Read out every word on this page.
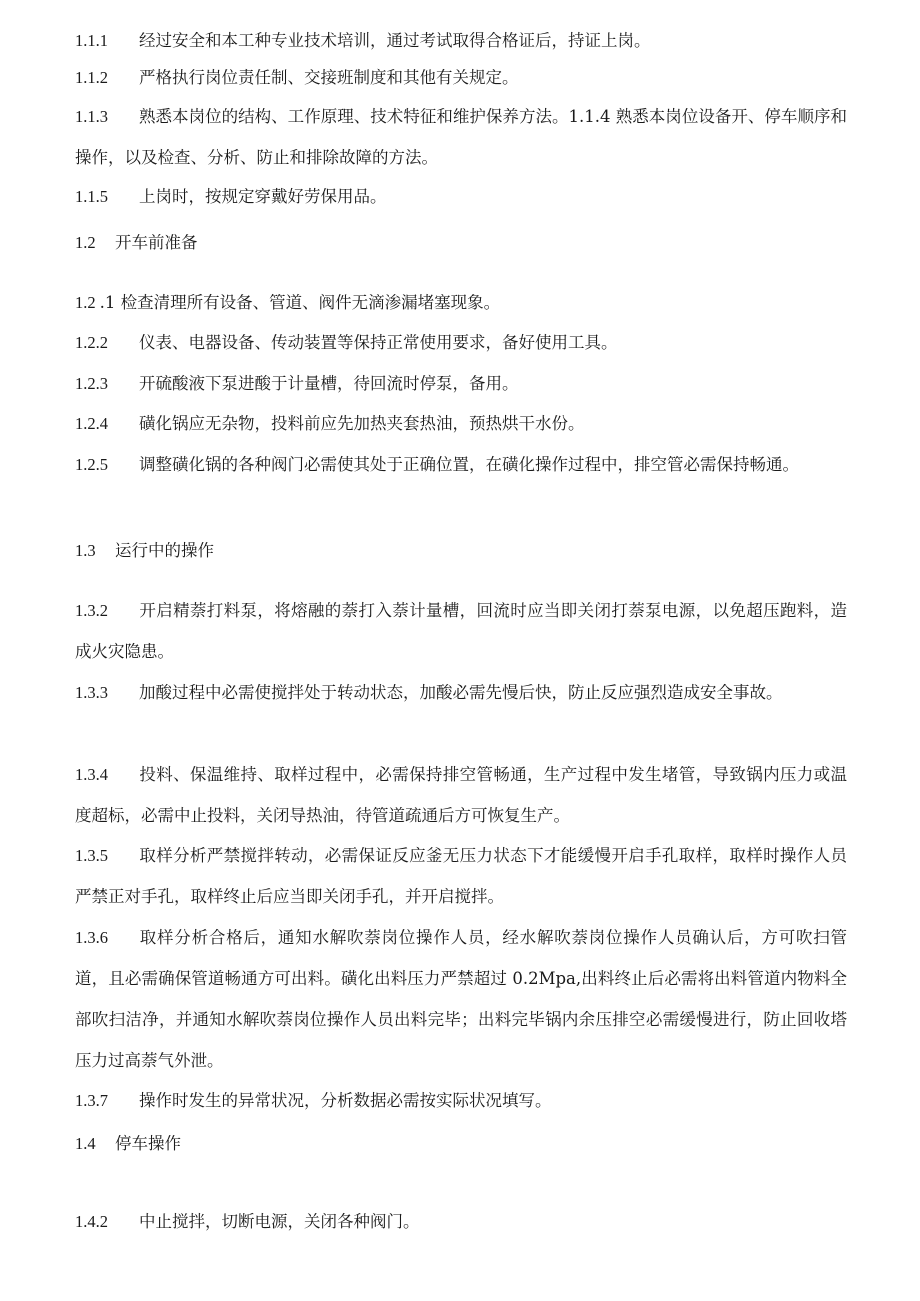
1.1.1 经过安全和本工种专业技术培训，通过考试取得合格证后，持证上岗。

1.1.2 严格执行岗位责任制、交接班制度和其他有关规定。

1.1.3 熟悉本岗位的结构、工作原理、技术特征和维护保养方法。1.1.4 熟悉本岗位设备开、停车顺序和操作，以及检查、分析、防止和排除故障的方法。

1.1.5 上岗时，按规定穿戴好劳保用品。

1.2 开车前准备

1.2 .1 检查清理所有设备、管道、阀件无滴渗漏堵塞现象。

1.2.2 仪表、电器设备、传动装置等保持正常使用要求，备好使用工具。

1.2.3 开硫酸液下泵进酸于计量槽，待回流时停泵，备用。

1.2.4 磺化锅应无杂物，投料前应先加热夹套热油，预热烘干水份。

1.2.5 调整磺化锅的各种阀门必需使其处于正确位置，在磺化操作过程中，排空管必需保持畅通。

1.3 运行中的操作

1.3.2 开启精萘打料泵，将熔融的萘打入萘计量槽，回流时应当即关闭打萘泵电源，以免超压跑料，造成火灾隐患。

1.3.3 加酸过程中必需使搅拌处于转动状态，加酸必需先慢后快，防止反应强烈造成安全事故。

1.3.4 投料、保温维持、取样过程中，必需保持排空管畅通，生产过程中发生堵管，导致锅内压力或温度超标，必需中止投料，关闭导热油，待管道疏通后方可恢复生产。

1.3.5 取样分析严禁搅拌转动，必需保证反应釜无压力状态下才能缓慢开启手孔取样，取样时操作人员严禁正对手孔，取样终止后应当即关闭手孔，并开启搅拌。

1.3.6 取样分析合格后，通知水解吹萘岗位操作人员，经水解吹萘岗位操作人员确认后，方可吹扫管道，且必需确保管道畅通方可出料。磺化出料压力严禁超过 0.2Mpa,出料终止后必需将出料管道内物料全部吹扫洁净，并通知水解吹萘岗位操作人员出料完毕；出料完毕锅内余压排空必需缓慢进行，防止回收塔压力过高萘气外泄。

1.3.7 操作时发生的异常状况，分析数据必需按实际状况填写。

1.4 停车操作

1.4.2 中止搅拌，切断电源，关闭各种阀门。
